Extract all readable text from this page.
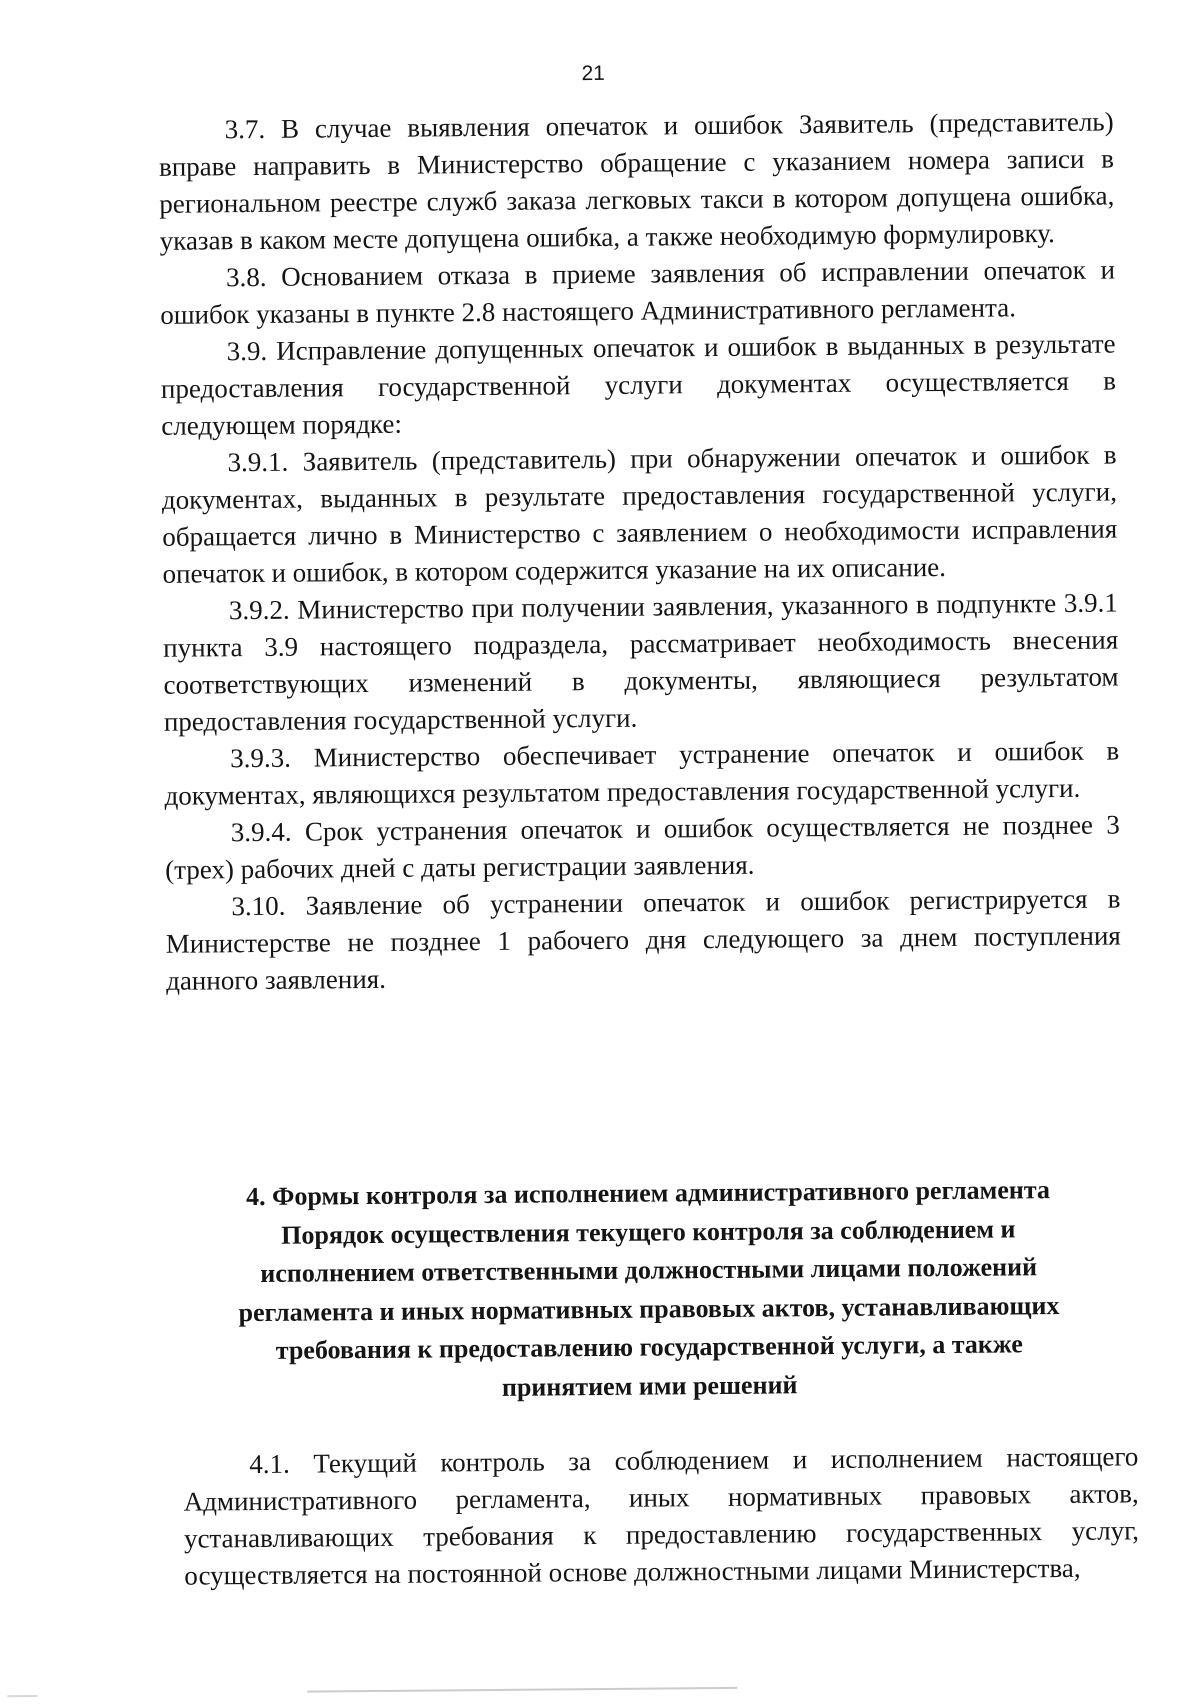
21

3.7. В случае выявления опечаток и ошибок Заявитель (представитель) вправе направить в Министерство обращение с указанием номера записи в региональном реестре служб заказа легковых такси в котором допущена ошибка, указав в каком месте допущена ошибка, а также необходимую формулировку.

3.8. Основанием отказа в приеме заявления об исправлении опечаток и ошибок указаны в пункте 2.8 настоящего Административного регламента.

3.9. Исправление допущенных опечаток и ошибок в выданных в результате предоставления государственной услуги документах осуществляется в следующем порядке:

3.9.1. Заявитель (представитель) при обнаружении опечаток и ошибок в документах, выданных в результате предоставления государственной услуги, обращается лично в Министерство с заявлением о необходимости исправления опечаток и ошибок, в котором содержится указание на их описание.

3.9.2. Министерство при получении заявления, указанного в подпункте 3.9.1 пункта 3.9 настоящего подраздела, рассматривает необходимость внесения соответствующих изменений в документы, являющиеся результатом предоставления государственной услуги.

3.9.3. Министерство обеспечивает устранение опечаток и ошибок в документах, являющихся результатом предоставления государственной услуги.

3.9.4. Срок устранения опечаток и ошибок осуществляется не позднее 3 (трех) рабочих дней с даты регистрации заявления.

3.10. Заявление об устранении опечаток и ошибок регистрируется в Министерстве не позднее 1 рабочего дня следующего за днем поступления данного заявления.

4. Формы контроля за исполнением административного регламента
Порядок осуществления текущего контроля за соблюдением и
исполнением ответственными должностными лицами положений
регламента и иных нормативных правовых актов, устанавливающих
требования к предоставлению государственной услуги, а также
принятием ими решений

4.1. Текущий контроль за соблюдением и исполнением настоящего Административного регламента, иных нормативных правовых актов, устанавливающих требования к предоставлению государственных услуг, осуществляется на постоянной основе должностными лицами Министерства,
